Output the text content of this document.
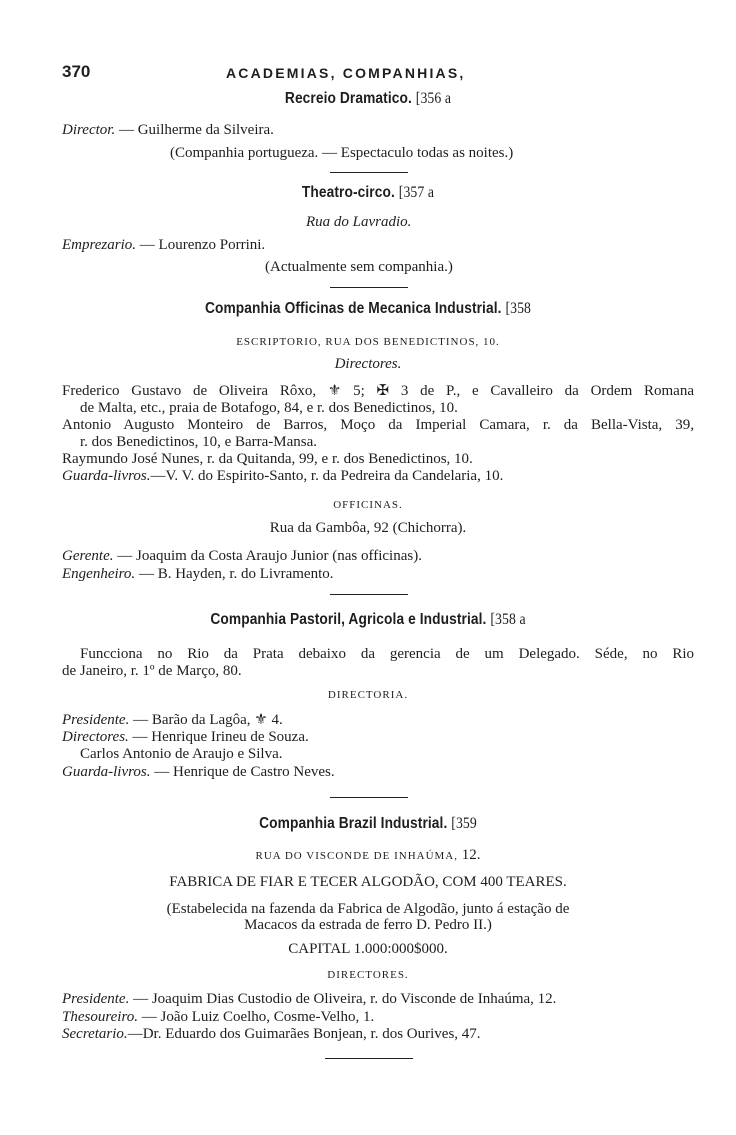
370	ACADEMIAS, COMPANHIAS,
Recreio Dramatico. [356 a
Director. — Guilherme da Silveira.
(Companhia portugueza. — Espectaculo todas as noites.)
Theatro-circo. [357 a
Rua do Lavradio.
Emprezario. — Lourenzo Porrini.
(Actualmente sem companhia.)
Companhia Officinas de Mecanica Industrial. [358
ESCRIPTORIO, RUA DOS BENEDICTINOS, 10.
Directores.
Frederico Gustavo de Oliveira Rôxo, ⚜ 5; ✠ 3 de P., e Cavalleiro da Ordem Romana
de Malta, etc., praia de Botafogo, 84, e r. dos Benedictinos, 10.
Antonio Augusto Monteiro de Barros, Moço da Imperial Camara, r. da Bella-Vista, 39,
r. dos Benedictinos, 10, e Barra-Mansa.
Raymundo José Nunes, r. da Quitanda, 99, e r. dos Benedictinos, 10.
Guarda-livros.—V. V. do Espirito-Santo, r. da Pedreira da Candelaria, 10.
OFFICINAS.
Rua da Gambôa, 92 (Chichorra).
Gerente. — Joaquim da Costa Araujo Junior (nas officinas).
Engenheiro. — B. Hayden, r. do Livramento.
Companhia Pastoril, Agricola e Industrial. [358 a
Funcciona no Rio da Prata debaixo da gerencia de um Delegado. Séde, no Rio
de Janeiro, r. 1º de Março, 80.
DIRECTORIA.
Presidente. — Barão da Lagôa, ⚜ 4.
Directores. — Henrique Irineu de Souza.
Carlos Antonio de Araujo e Silva.
Guarda-livros. — Henrique de Castro Neves.
Companhia Brazil Industrial. [359
RUA DO VISCONDE DE INHAÚMA, 12.
FABRICA DE FIAR E TECER ALGODÃO, COM 400 TEARES.
(Estabelecida na fazenda da Fabrica de Algodão, junto á estação de
Macacos da estrada de ferro D. Pedro II.)
CAPITAL 1.000:000$000.
DIRECTORES.
Presidente. — Joaquim Dias Custodio de Oliveira, r. do Visconde de Inhaúma, 12.
Thesoureiro. — João Luiz Coelho, Cosme-Velho, 1.
Secretario.—Dr. Eduardo dos Guimarães Bonjean, r. dos Ourives, 47.
